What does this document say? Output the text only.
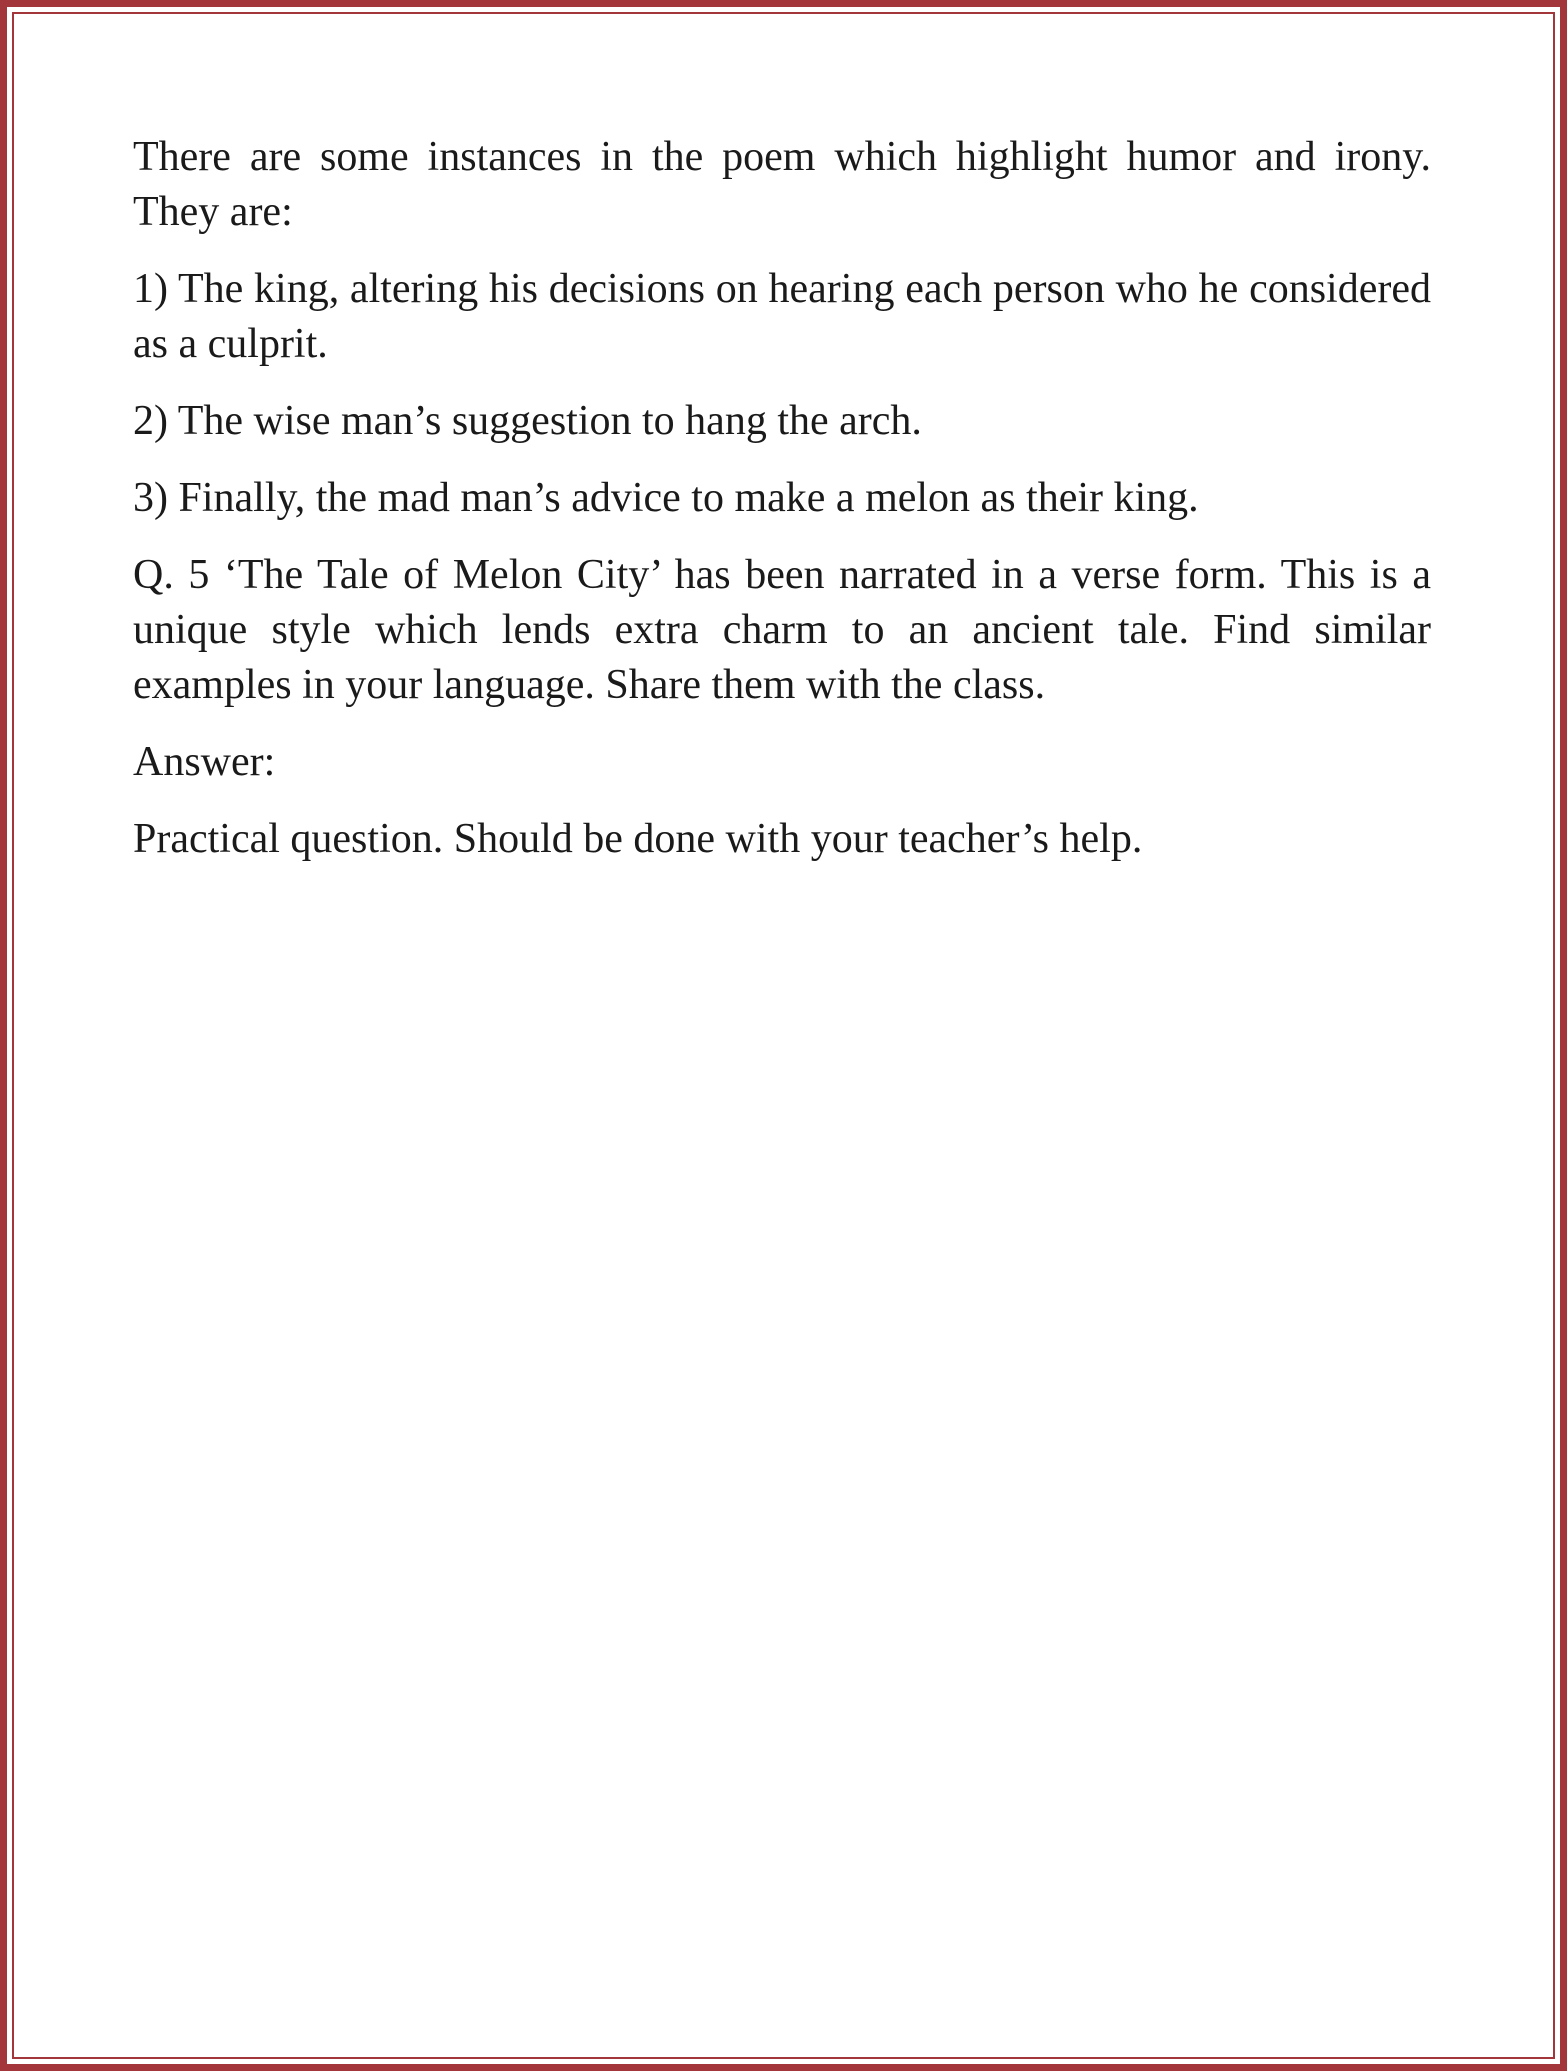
There are some instances in the poem which highlight humor and irony. They are:

1) The king, altering his decisions on hearing each person who he considered as a culprit.

2) The wise man’s suggestion to hang the arch.

3) Finally, the mad man’s advice to make a melon as their king.

Q. 5 ‘The Tale of Melon City’ has been narrated in a verse form. This is a unique style which lends extra charm to an ancient tale. Find similar examples in your language. Share them with the class.

Answer:

Practical question. Should be done with your teacher’s help.
